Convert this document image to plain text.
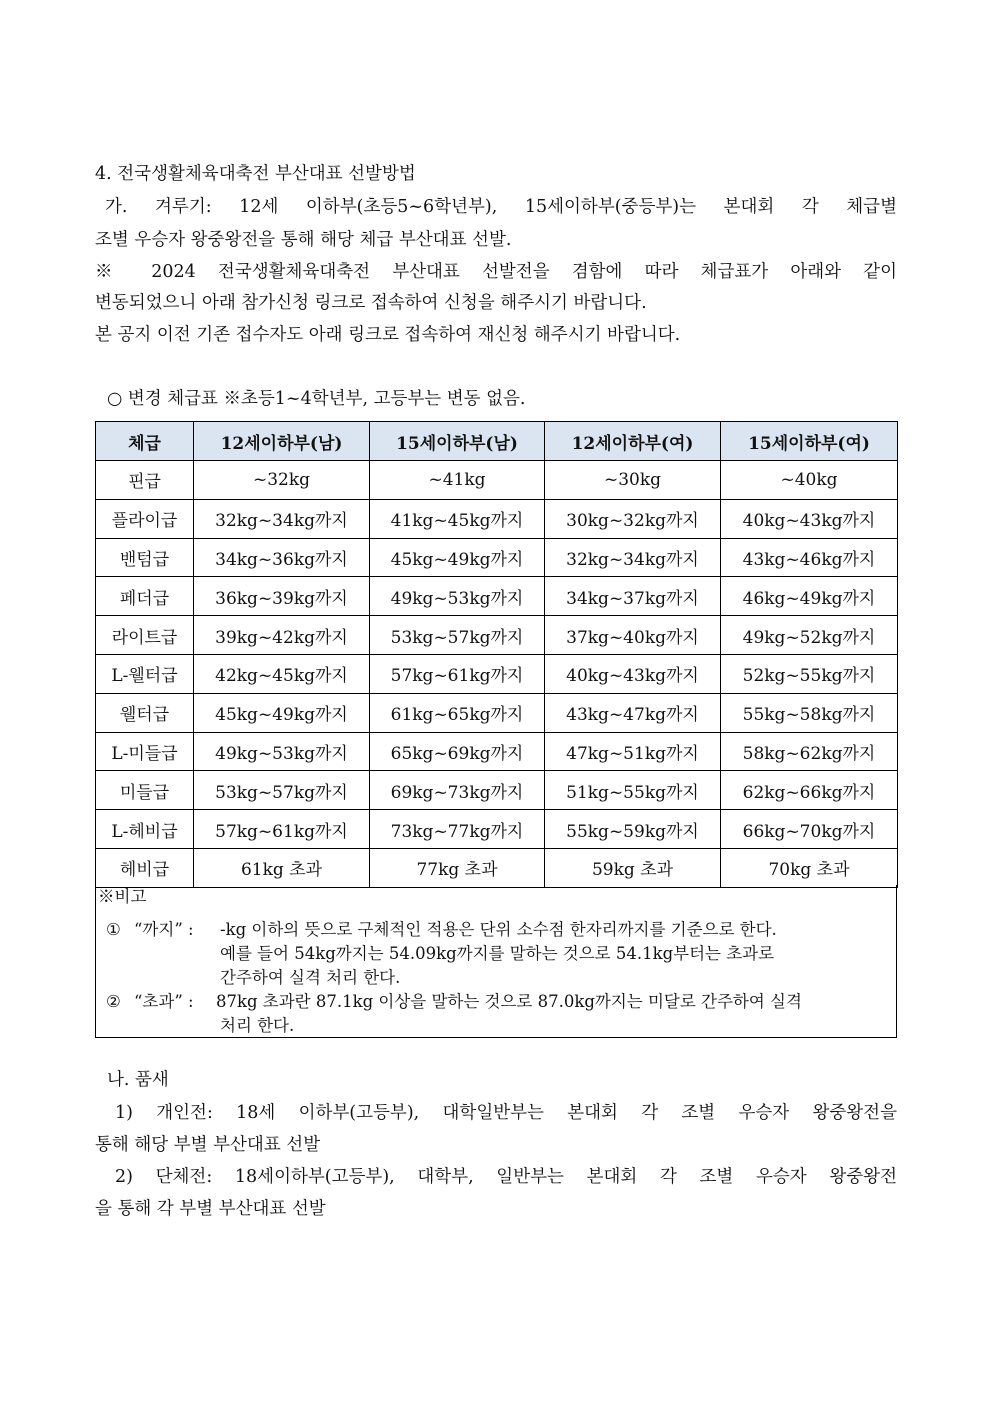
4. 전국생활체육대축전 부산대표 선발방법
가. 겨루기: 12세 이하부(초등5~6학년부), 15세이하부(중등부)는 본대회 각 체급별
조별 우승자 왕중왕전을 통해 해당 체급 부산대표 선발.
※ 2024 전국생활체육대축전 부산대표 선발전을 겸함에 따라 체급표가 아래와 같이
변동되었으니 아래 참가신청 링크로 접속하여 신청을 해주시기 바랍니다.
본 공지 이전 기존 접수자도 아래 링크로 접속하여 재신청 해주시기 바랍니다.
○ 변경 체급표 ※초등1~4학년부, 고등부는 변동 없음.
체급	12세이하부(남)	15세이하부(남)	12세이하부(여)	15세이하부(여)
핀급	~32kg	~41kg	~30kg	~40kg
플라이급	32kg~34kg까지	41kg~45kg까지	30kg~32kg까지	40kg~43kg까지
밴텀급	34kg~36kg까지	45kg~49kg까지	32kg~34kg까지	43kg~46kg까지
페더급	36kg~39kg까지	49kg~53kg까지	34kg~37kg까지	46kg~49kg까지
라이트급	39kg~42kg까지	53kg~57kg까지	37kg~40kg까지	49kg~52kg까지
L-웰터급	42kg~45kg까지	57kg~61kg까지	40kg~43kg까지	52kg~55kg까지
웰터급	45kg~49kg까지	61kg~65kg까지	43kg~47kg까지	55kg~58kg까지
L-미들급	49kg~53kg까지	65kg~69kg까지	47kg~51kg까지	58kg~62kg까지
미들급	53kg~57kg까지	69kg~73kg까지	51kg~55kg까지	62kg~66kg까지
L-헤비급	57kg~61kg까지	73kg~77kg까지	55kg~59kg까지	66kg~70kg까지
헤비급	61kg 초과	77kg 초과	59kg 초과	70kg 초과
※비고
① “까지” : -kg 이하의 뜻으로 구체적인 적용은 단위 소수점 한자리까지를 기준으로 한다.
예를 들어 54kg까지는 54.09kg까지를 말하는 것으로 54.1kg부터는 초과로
간주하여 실격 처리 한다.
② “초과” : 87kg 초과란 87.1kg 이상을 말하는 것으로 87.0kg까지는 미달로 간주하여 실격
처리 한다.
나. 품새
1) 개인전: 18세 이하부(고등부), 대학일반부는 본대회 각 조별 우승자 왕중왕전을
통해 해당 부별 부산대표 선발
2) 단체전: 18세이하부(고등부), 대학부, 일반부는 본대회 각 조별 우승자 왕중왕전
을 통해 각 부별 부산대표 선발
